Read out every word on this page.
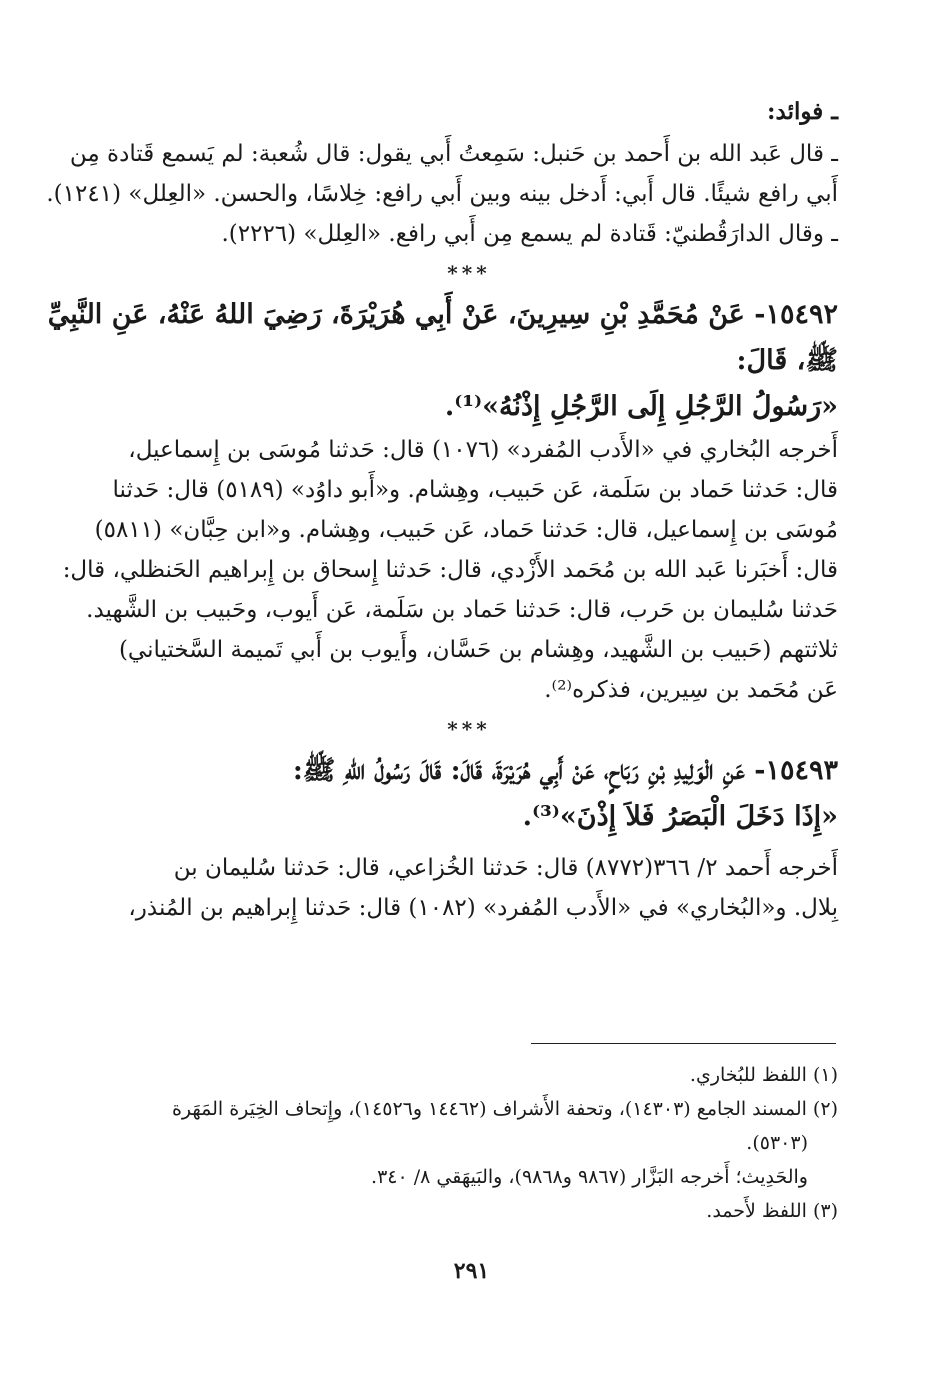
ـ فوائد:
ـ قال عَبد الله بن أَحمد بن حَنبل: سَمِعتُ أَبي يقول: قال شُعبة: لم يَسمع قَتادة مِن
أَبي رافع شيئًا. قال أَبي: أَدخل بينه وبين أَبي رافع: خِلاسًا، والحسن. «العِلل» (١٢٤١).
ـ وقال الدارَقُطنيّ: قَتادة لم يسمع مِن أَبي رافع. «العِلل» (٢٢٢٦).
***
١٥٤٩٢- عَنْ مُحَمَّدِ بْنِ سِيرِينَ، عَنْ أَبِي هُرَيْرَةَ، رَضِيَ اللهُ عَنْهُ، عَنِ النَّبِيِّ
ﷺ، قَالَ:
«رَسُولُ الرَّجُلِ إِلَى الرَّجُلِ إِذْنُهُ»⁽¹⁾.
أَخرجه البُخاري في «الأَدب المُفرد» (١٠٧٦) قال: حَدثنا مُوسَى بن إِسماعيل،
قال: حَدثنا حَماد بن سَلَمة، عَن حَبيب، وهِشام. و«أَبو داوُد» (٥١٨٩) قال: حَدثنا
مُوسَى بن إِسماعيل، قال: حَدثنا حَماد، عَن حَبيب، وهِشام. و«ابن حِبَّان» (٥٨١١)
قال: أَخبَرنا عَبد الله بن مُحَمد الأَزْدي، قال: حَدثنا إِسحاق بن إِبراهيم الحَنظلي، قال:
حَدثنا سُليمان بن حَرب، قال: حَدثنا حَماد بن سَلَمة، عَن أَيوب، وحَبيب بن الشَّهيد.
ثلاثتهم (حَبيب بن الشَّهيد، وهِشام بن حَسَّان، وأَيوب بن أَبي تَميمة السَّختياني)
عَن مُحَمد بن سِيرين، فذكره⁽²⁾.
***
١٥٤٩٣- عَنِ الْوَلِيدِ بْنِ رَبَاحٍ، عَنْ أَبِي هُرَيْرَةَ، قَالَ: قَالَ رَسُولُ اللهِ ﷺ:
«إِذَا دَخَلَ الْبَصَرُ فَلاَ إِذْنَ»⁽³⁾.
أَخرجه أَحمد ٢/ ٣٦٦(٨٧٧٢) قال: حَدثنا الخُزاعي، قال: حَدثنا سُليمان بن
بِلال. و«البُخاري» في «الأَدب المُفرد» (١٠٨٢) قال: حَدثنا إِبراهيم بن المُنذر،
(١) اللفظ للبُخاري.
(٢) المسند الجامع (١٤٣٠٣)، وتحفة الأَشراف (١٤٤٦٢ و١٤٥٢٦)، وإِتحاف الخِيَرة المَهَرة
(٥٣٠٣).
والحَدِيث؛ أَخرجه البَزَّار (٩٨٦٧ و٩٨٦٨)، والبَيهَقي ٨/ ٣٤٠.
(٣) اللفظ لأَحمد.
٢٩١
